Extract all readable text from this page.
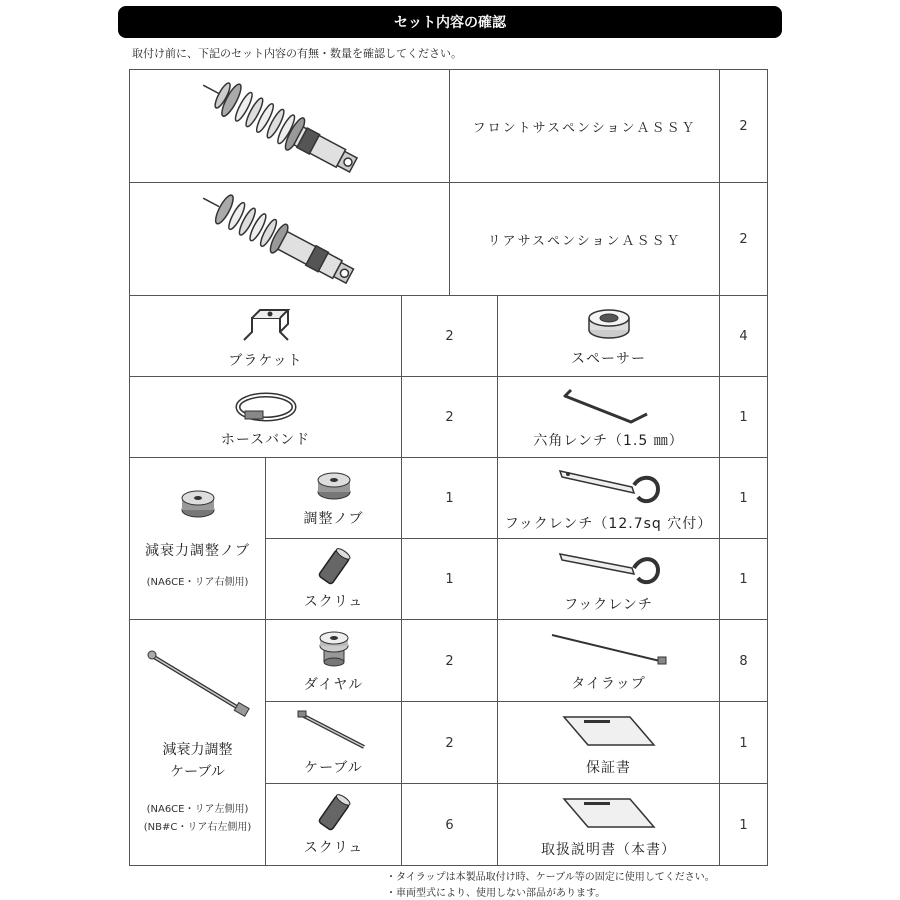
セット内容の確認
取付け前に、下記のセット内容の有無・数量を確認してください。
	フロントサスペンションＡＳＳＹ		2

	リアサスペンションＡＳＳＹ		2

ブラケット		2		スペーサー	4

ホースバンド		2		六角レンチ（1.5 ㎜）	1

減衰力調整ノブ
(NA6CE・リア右側用)	調整ノブ	1		フックレンチ（12.7sq 穴付）	1

	スクリュ	1		フックレンチ	1

減衰力調整
ケーブル
(NA6CE・リア左側用)
(NB#C・リア右左側用)	ダイヤル	2		タイラップ	8

	ケーブル	2		保証書	1

	スクリュ	6		取扱説明書（本書）	1
・タイラップは本製品取付け時、ケーブル等の固定に使用してください。
・車両型式により、使用しない部品があります。
